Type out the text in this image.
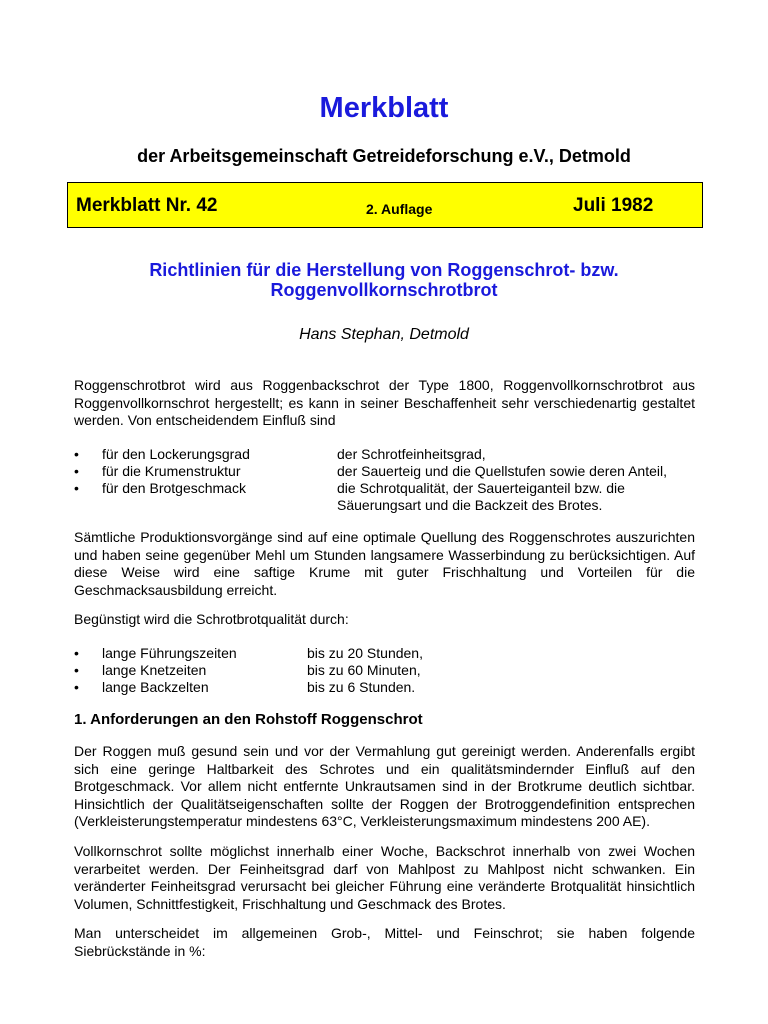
Merkblatt
der Arbeitsgemeinschaft Getreideforschung e.V., Detmold
Merkblatt Nr. 42	2. Auflage	Juli 1982
Richtlinien für die Herstellung von Roggenschrot- bzw.
Roggenvollkornschrotbrot
Hans Stephan, Detmold
Roggenschrotbrot wird aus Roggenbackschrot der Type 1800, Roggenvollkornschrotbrot aus Roggenvollkornschrot hergestellt; es kann in seiner Beschaffenheit sehr verschiedenartig gestaltet werden. Von entscheidendem Einfluß sind
• für den Lockerungsgrad	der Schrotfeinheitsgrad,
• für die Krumenstruktur	der Sauerteig und die Quellstufen sowie deren Anteil,
• für den Brotgeschmack	die Schrotqualität, der Sauerteiganteil bzw. die
Säuerungsart und die Backzeit des Brotes.
Sämtliche Produktionsvorgänge sind auf eine optimale Quellung des Roggenschrotes auszurichten und haben seine gegenüber Mehl um Stunden langsamere Wasserbindung zu berücksichtigen. Auf diese Weise wird eine saftige Krume mit guter Frischhaltung und Vorteilen für die Geschmacksausbildung erreicht.
Begünstigt wird die Schrotbrotqualität durch:
• lange Führungszeiten	bis zu 20 Stunden,
• lange Knetzeiten	bis zu 60 Minuten,
• lange Backzelten	bis zu 6 Stunden.
1. Anforderungen an den Rohstoff Roggenschrot
Der Roggen muß gesund sein und vor der Vermahlung gut gereinigt werden. Anderenfalls ergibt sich eine geringe Haltbarkeit des Schrotes und ein qualitätsmindernder Einfluß auf den Brotgeschmack. Vor allem nicht entfernte Unkrautsamen sind in der Brotkrume deutlich sichtbar. Hinsichtlich der Qualitätseigenschaften sollte der Roggen der Brotroggendefinition entsprechen (Verkleisterungstemperatur mindestens 63°C, Verkleisterungsmaximum mindestens 200 AE).
Vollkornschrot sollte möglichst innerhalb einer Woche, Backschrot innerhalb von zwei Wochen verarbeitet werden. Der Feinheitsgrad darf von Mahlpost zu Mahlpost nicht schwanken. Ein veränderter Feinheitsgrad verursacht bei gleicher Führung eine veränderte Brotqualität hinsichtlich Volumen, Schnittfestigkeit, Frischhaltung und Geschmack des Brotes.
Man unterscheidet im allgemeinen Grob-, Mittel- und Feinschrot; sie haben folgende Siebrückstände in %:
